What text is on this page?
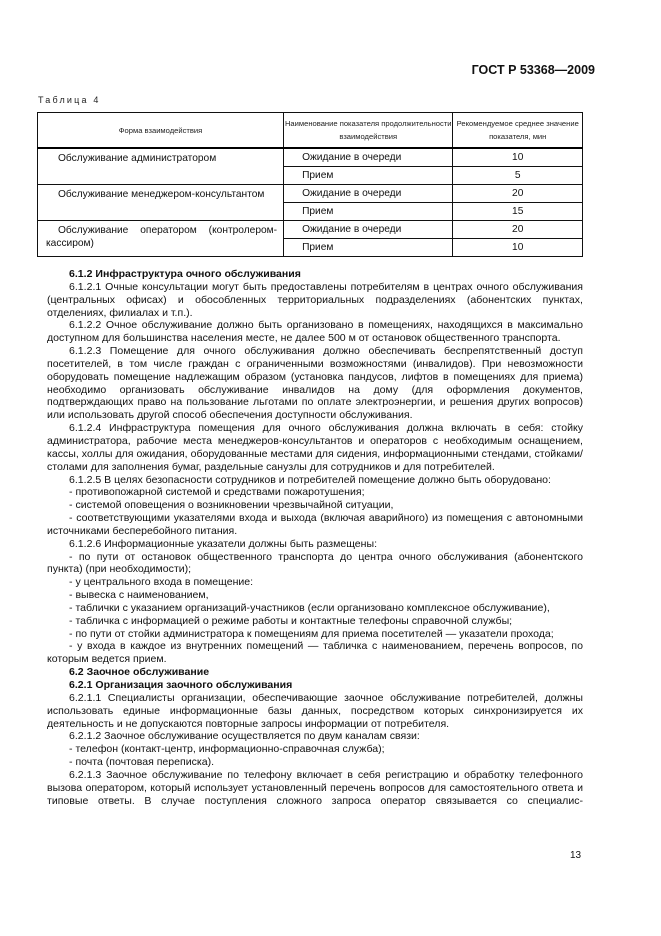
ГОСТ Р 53368—2009
Таблица 4
Форма взаимодействия	Наименование показателя продолжительности взаимодействия	Рекомендуемое среднее значение показателя, мин
Обслуживание администратором	Ожидание в очереди	10
	Прием	5
Обслуживание менеджером-консультантом	Ожидание в очереди	20
	Прием	15
Обслуживание оператором (контролером-кассиром)	Ожидание в очереди	20
	Прием	10

6.1.2 Инфраструктура очного обслуживания

6.1.2.1 Очные консультации могут быть предоставлены потребителям в центрах очного обслуживания (центральных офисах) и обособленных территориальных подразделениях (абонентских пунктах, отделениях, филиалах и т.п.).

6.1.2.2 Очное обслуживание должно быть организовано в помещениях, находящихся в максимально доступном для большинства населения месте, не далее 500 м от остановок общественного транспорта.

6.1.2.3 Помещение для очного обслуживания должно обеспечивать беспрепятственный доступ посетителей, в том числе граждан с ограниченными возможностями (инвалидов). При невозможности оборудовать помещение надлежащим образом (установка пандусов, лифтов в помещениях для приема) необходимо организовать обслуживание инвалидов на дому (для оформления документов, подтверждающих право на пользование льготами по оплате электроэнергии, и решения других вопросов) или использовать другой способ обеспечения доступности обслуживания.

6.1.2.4 Инфраструктура помещения для очного обслуживания должна включать в себя: стойку администратора, рабочие места менеджеров-консультантов и операторов с необходимым оснащением, кассы, холлы для ожидания, оборудованные местами для сидения, информационными стендами, стойками/столами для заполнения бумаг, раздельные санузлы для сотрудников и для потребителей.

6.1.2.5 В целях безопасности сотрудников и потребителей помещение должно быть оборудовано:

- противопожарной системой и средствами пожаротушения;

- системой оповещения о возникновении чрезвычайной ситуации,

- соответствующими указателями входа и выхода (включая аварийного) из помещения с автономными источниками бесперебойного питания.

6.1.2.6 Информационные указатели должны быть размещены:

- по пути от остановок общественного транспорта до центра очного обслуживания (абонентского пункта) (при необходимости);

- у центрального входа в помещение:

- вывеска с наименованием,

- таблички с указанием организаций-участников (если организовано комплексное обслуживание),

- табличка с информацией о режиме работы и контактные телефоны справочной службы;

- по пути от стойки администратора к помещениям для приема посетителей — указатели прохода;

- у входа в каждое из внутренних помещений — табличка с наименованием, перечень вопросов, по которым ведется прием.

6.2 Заочное обслуживание

6.2.1 Организация заочного обслуживания

6.2.1.1 Специалисты организации, обеспечивающие заочное обслуживание потребителей, должны использовать единые информационные базы данных, посредством которых синхронизируется их деятельность и не допускаются повторные запросы информации от потребителя.

6.2.1.2 Заочное обслуживание осуществляется по двум каналам связи:

- телефон (контакт-центр, информационно-справочная служба);

- почта (почтовая переписка).

6.2.1.3 Заочное обслуживание по телефону включает в себя регистрацию и обработку телефонного вызова оператором, который использует установленный перечень вопросов для самостоятельного ответа и типовые ответы. В случае поступления сложного запроса оператор связывается со специалис-

13
